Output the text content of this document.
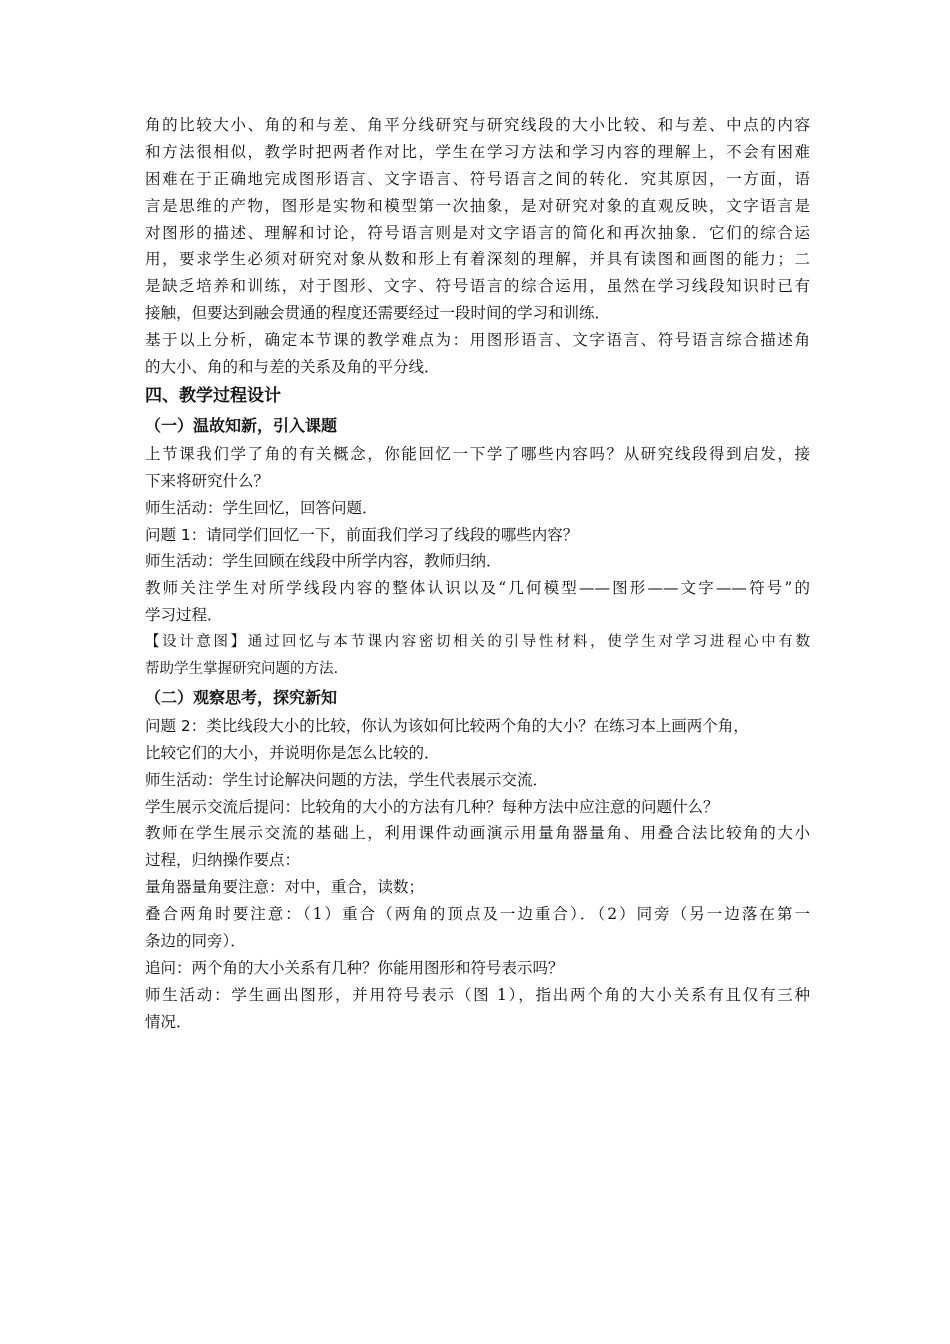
角的比较大小、角的和与差、角平分线研究与研究线段的大小比较、和与差、中点的内容
和方法很相似，教学时把两者作对比，学生在学习方法和学习内容的理解上，不会有困难
困难在于正确地完成图形语言、文字语言、符号语言之间的转化．究其原因，一方面，语
言是思维的产物，图形是实物和模型第一次抽象，是对研究对象的直观反映，文字语言是
对图形的描述、理解和讨论，符号语言则是对文字语言的简化和再次抽象．它们的综合运
用，要求学生必须对研究对象从数和形上有着深刻的理解，并具有读图和画图的能力；二
是缺乏培养和训练，对于图形、文字、符号语言的综合运用，虽然在学习线段知识时已有
接触，但要达到融会贯通的程度还需要经过一段时间的学习和训练．
基于以上分析，确定本节课的教学难点为：用图形语言、文字语言、符号语言综合描述角
的大小、角的和与差的关系及角的平分线．
四、教学过程设计
（一）温故知新，引入课题
上节课我们学了角的有关概念，你能回忆一下学了哪些内容吗？从研究线段得到启发，接
下来将研究什么？
师生活动：学生回忆，回答问题．
问题 1：请同学们回忆一下，前面我们学习了线段的哪些内容？
师生活动：学生回顾在线段中所学内容，教师归纳．
教师关注学生对所学线段内容的整体认识以及“几何模型——图形——文字——符号”的
学习过程．
【设计意图】通过回忆与本节课内容密切相关的引导性材料，使学生对学习进程心中有数
帮助学生掌握研究问题的方法.
（二）观察思考，探究新知
问题 2：类比线段大小的比较，你认为该如何比较两个角的大小？在练习本上画两个角，
比较它们的大小，并说明你是怎么比较的．
师生活动：学生讨论解决问题的方法，学生代表展示交流．
学生展示交流后提问：比较角的大小的方法有几种？每种方法中应注意的问题什么？
教师在学生展示交流的基础上，利用课件动画演示用量角器量角、用叠合法比较角的大小
过程，归纳操作要点：
量角器量角要注意：对中，重合，读数；
叠合两角时要注意：（1）重合（两角的顶点及一边重合）．（2）同旁（另一边落在第一
条边的同旁）．
追问：两个角的大小关系有几种？你能用图形和符号表示吗？
师生活动：学生画出图形，并用符号表示（图 1），指出两个角的大小关系有且仅有三种
情况．
